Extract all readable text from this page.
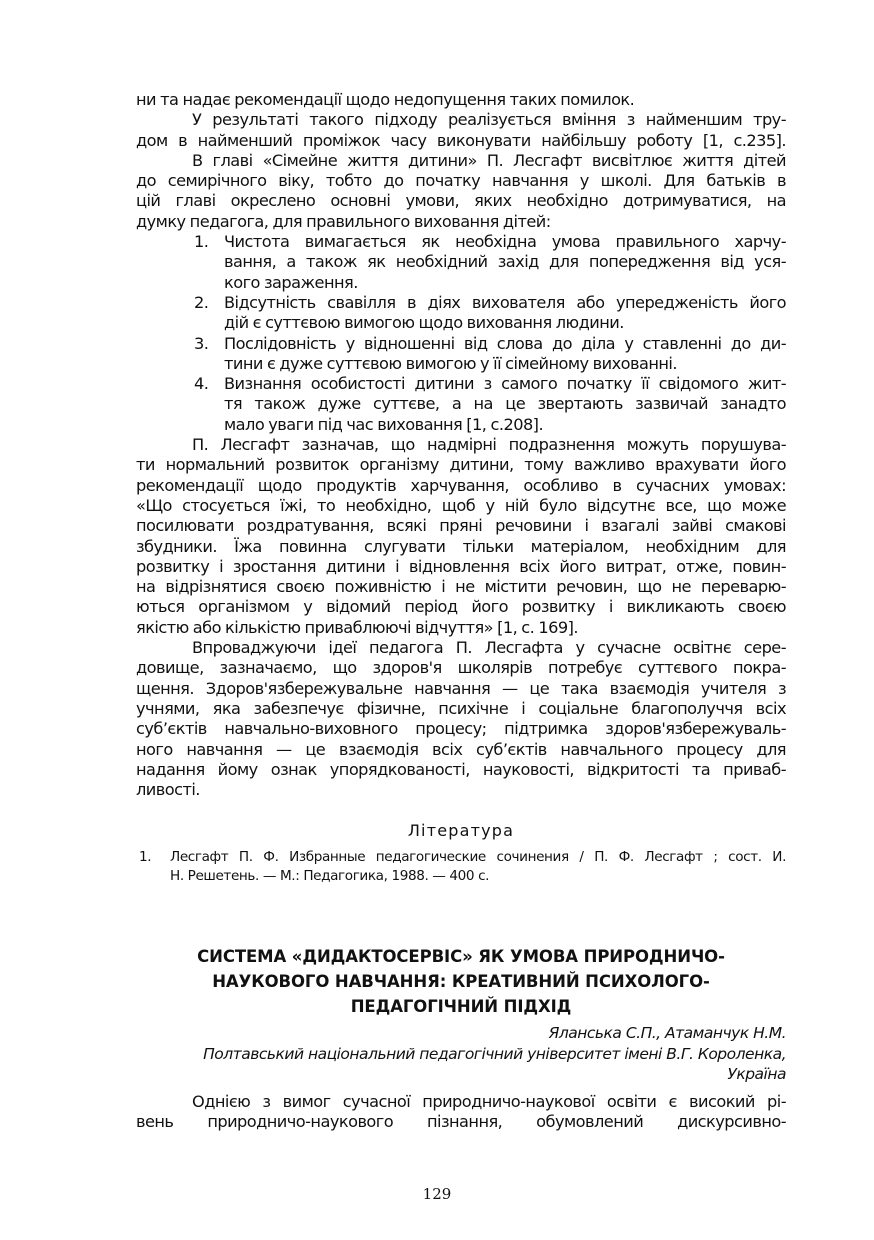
ни та надає рекомендації щодо недопущення таких помилок.
У результаті такого підходу реалізується вміння з найменшим тру-
дом в найменший проміжок часу виконувати найбільшу роботу [1, с.235].
В главі «Сімейне життя дитини» П. Лесгафт висвітлює життя дітей
до семирічного віку, тобто до початку навчання у школі. Для батьків в
цій главі окреслено основні умови, яких необхідно дотримуватися, на
думку педагога, для правильного виховання дітей:
1. Чистота вимагається як необхідна умова правильного харчу-
вання, а також як необхідний захід для попередження від уся-
кого зараження.
2. Відсутність свавілля в діях вихователя або упередженість його
дій є суттєвою вимогою щодо виховання людини.
3. Послідовність у відношенні від слова до діла у ставленні до ди-
тини є дуже суттєвою вимогою у її сімейному вихованні.
4. Визнання особистості дитини з самого початку її свідомого жит-
тя також дуже суттєве, а на це звертають зазвичай занадто
мало уваги під час виховання [1, с.208].
П. Лесгафт зазначав, що надмірні подразнення можуть порушува-
ти нормальний розвиток організму дитини, тому важливо врахувати його
рекомендації щодо продуктів харчування, особливо в сучасних умовах:
«Що стосується їжі, то необхідно, щоб у ній було відсутнє все, що може
посилювати роздратування, всякі пряні речовини і взагалі зайві смакові
збудники. Їжа повинна слугувати тільки матеріалом, необхідним для
розвитку і зростання дитини і відновлення всіх його витрат, отже, повин-
на відрізнятися своєю поживністю і не містити речовин, що не переварю-
ються організмом у відомий період його розвитку і викликають своєю
якістю або кількістю приваблюючі відчуття» [1, с. 169].
Впроваджуючи ідеї педагога П. Лесгафта у сучасне освітнє сере-
довище, зазначаємо, що здоров'я школярів потребує суттєвого покра-
щення. Здоров'язбережувальне навчання — це така взаємодія учителя з
учнями, яка забезпечує фізичне, психічне і соціальне благополуччя всіх
суб’єктів навчально-виховного процесу; підтримка здоров'язбережуваль-
ного навчання — це взаємодія всіх суб’єктів навчального процесу для
надання йому ознак упорядкованості, науковості, відкритості та приваб-
ливості.
Література
1. Лесгафт П. Ф. Избранные педагогические сочинения / П. Ф. Лесгафт ; сост. И.
Н. Решетень. — М.: Педагогика, 1988. — 400 с.
СИСТЕМА «ДИДАКТОСЕРВІС» ЯК УМОВА ПРИРОДНИЧО-
НАУКОВОГО НАВЧАННЯ: КРЕАТИВНИЙ ПСИХОЛОГО-
ПЕДАГОГІЧНИЙ ПІДХІД
Яланська С.П., Атаманчук Н.М.
Полтавський національний педагогічний університет імені В.Г. Короленка,
Україна
Однією з вимог сучасної природничо-наукової освіти є високий рі-
вень природничо-наукового пізнання, обумовлений дискурсивно-
129
